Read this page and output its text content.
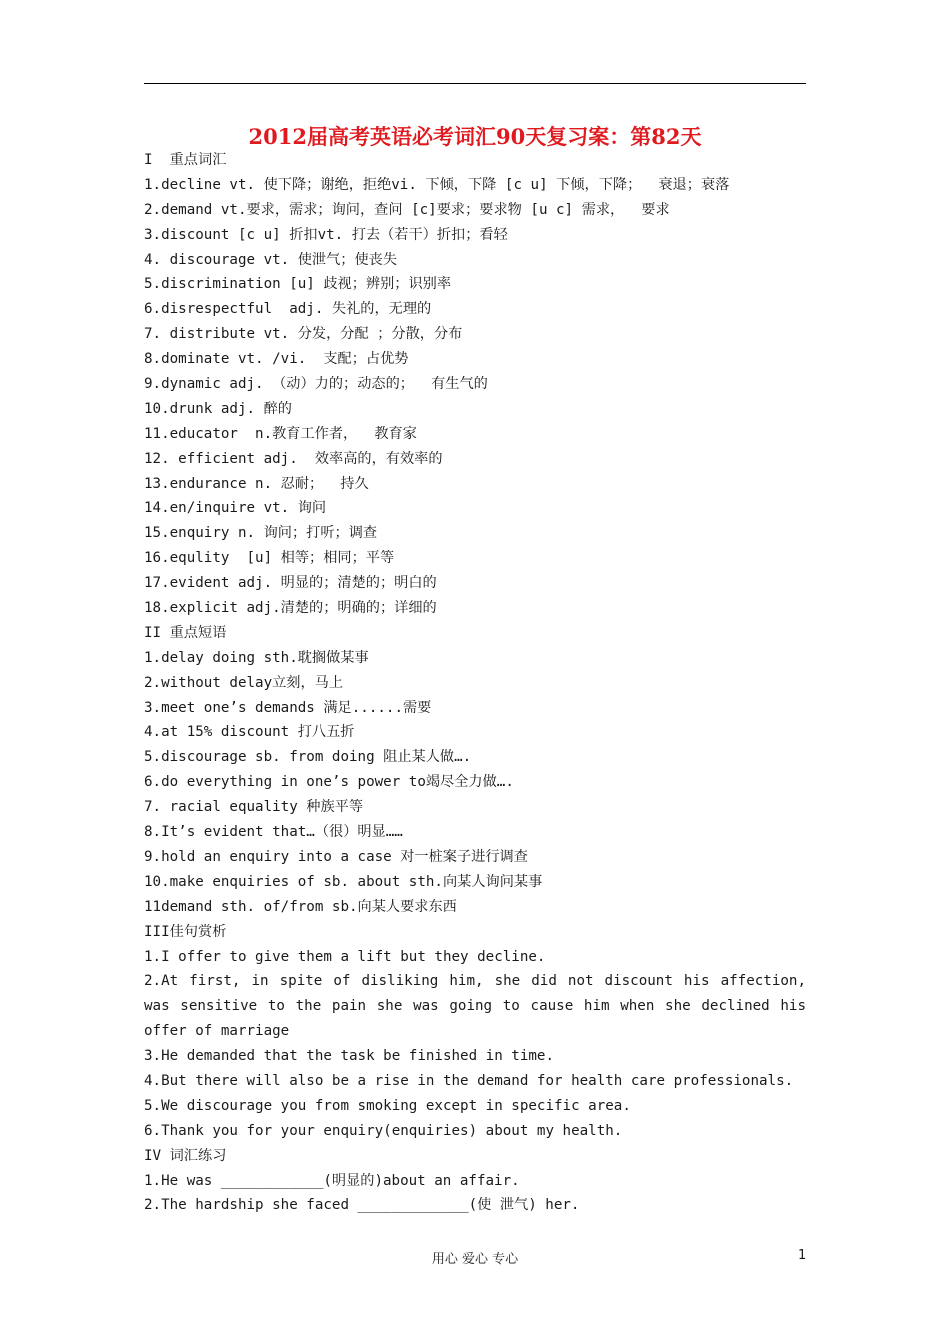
2012届高考英语必考词汇90天复习案：第82天
I  重点词汇
1.decline vt. 使下降；谢绝，拒绝vi. 下倾，下降 [c u] 下倾，下降；  衰退；衰落
2.demand vt.要求，需求；询问，查问 [c]要求；要求物 [u c] 需求，  要求
3.discount [c u] 折扣vt. 打去（若干）折扣；看轻
4. discourage vt. 使泄气；使丧失
5.discrimination [u] 歧视；辨别；识别率
6.disrespectful  adj. 失礼的，无理的
7. distribute vt. 分发，分配 ；分散，分布
8.dominate vt. /vi.  支配；占优势
9.dynamic adj. （动）力的；动态的；  有生气的
10.drunk adj. 醉的
11.educator  n.教育工作者，  教育家
12. efficient adj.  效率高的，有效率的
13.endurance n. 忍耐；  持久
14.en/inquire vt. 询问
15.enquiry n. 询问；打听；调查
16.equlity  [u] 相等；相同；平等
17.evident adj. 明显的；清楚的；明白的
18.explicit adj.清楚的；明确的；详细的
II 重点短语
1.delay doing sth.耽搁做某事
2.without delay立刻，马上
3.meet one’s demands 满足......需要
4.at 15% discount 打八五折
5.discourage sb. from doing 阻止某人做….
6.do everything in one’s power to竭尽全力做….
7. racial equality 种族平等
8.It’s evident that…（很）明显……
9.hold an enquiry into a case 对一桩案子进行调查
10.make enquiries of sb. about sth.向某人询问某事
11demand sth. of/from sb.向某人要求东西
III佳句赏析
1.I offer to give them a lift but they decline.
2.At first, in spite of disliking him, she did not discount his affection,
was sensitive to the pain she was going to cause him when she declined his
offer of marriage
3.He demanded that the task be finished in time.
4.But there will also be a rise in the demand for health care professionals.
5.We discourage you from smoking except in specific area.
6.Thank you for your enquiry(enquiries) about my health.
IV 词汇练习
1.He was ____________(明显的)about an affair.
2.The hardship she faced _____________(使 泄气) her.
用心 爱心 专心	1
